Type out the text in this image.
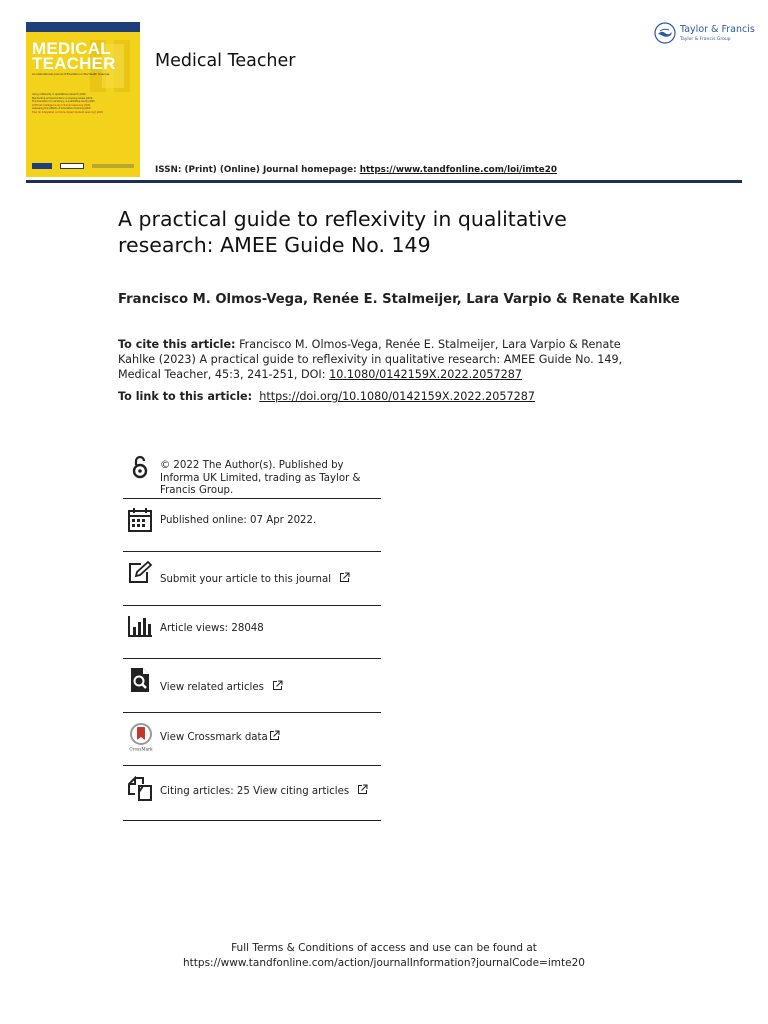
MEDICAL TEACHER
An international journal of Education in the Health Sciences
Using reflexivity in qualitative research p000
Mentorship across borders: a scoping review p000
The transition to residency: a qualitative study p000
Artificial intelligence and clinical reasoning p000
Assessing the effects of simulation training p000
How do integrated curricula impact student learning? p000
Medical Teacher
Taylor & Francis
Taylor & Francis Group
ISSN: (Print) (Online) Journal homepage: https://www.tandfonline.com/loi/imte20
A practical guide to reflexivity in qualitative research: AMEE Guide No. 149
Francisco M. Olmos-Vega, Renée E. Stalmeijer, Lara Varpio & Renate Kahlke
To cite this article: Francisco M. Olmos-Vega, Renée E. Stalmeijer, Lara Varpio & Renate Kahlke (2023) A practical guide to reflexivity in qualitative research: AMEE Guide No. 149, Medical Teacher, 45:3, 241-251, DOI: 10.1080/0142159X.2022.2057287
To link to this article: https://doi.org/10.1080/0142159X.2022.2057287
© 2022 The Author(s). Published by Informa UK Limited, trading as Taylor & Francis Group.
Published online: 07 Apr 2022.
Submit your article to this journal
Article views: 28048
View related articles
CrossMark
View Crossmark data
Citing articles: 25 View citing articles
Full Terms & Conditions of access and use can be found at
https://www.tandfonline.com/action/journalInformation?journalCode=imte20
